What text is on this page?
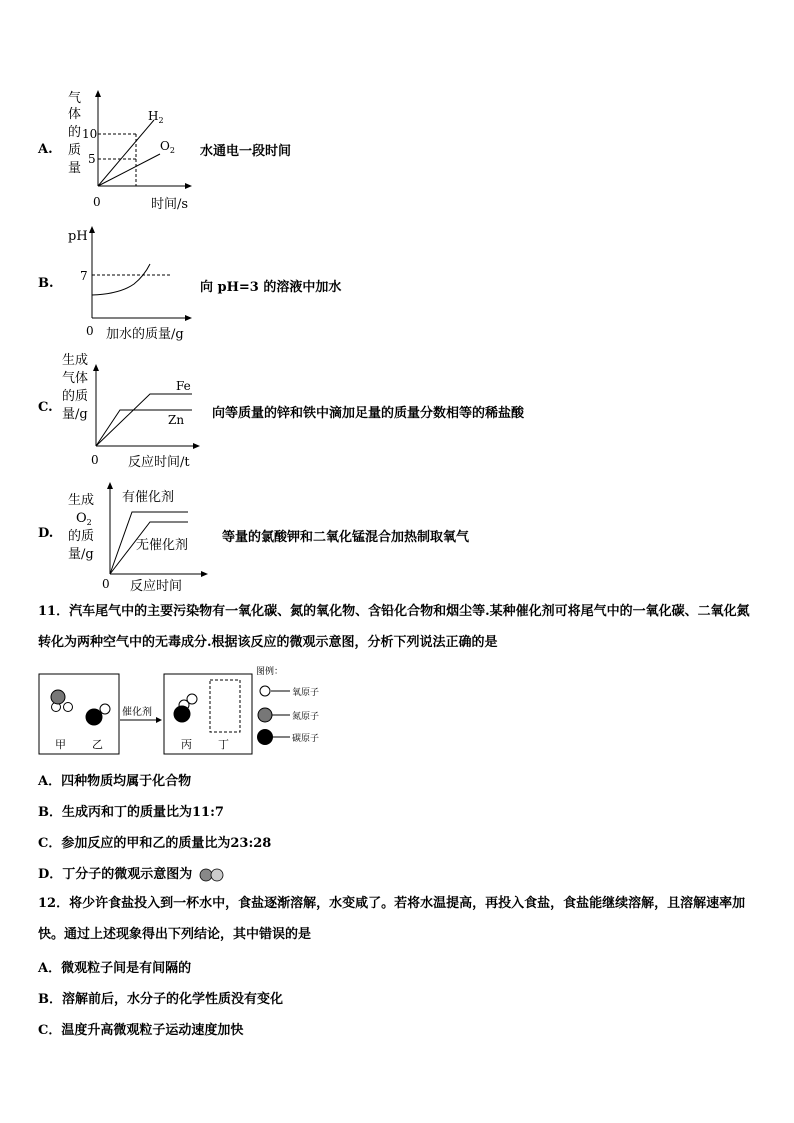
A.
气
体
的
质
量
10
5
$H_2$
$O_2$
0	时间/s
水通电一段时间
B.
pH
7
0 加水的质量/g
向 pH=3 的溶液中加水
C.
生成
气体
的质
量/g
Fe
Zn
0 反应时间/t
向等质量的锌和铁中滴加足量的质量分数相等的稀盐酸
D.
生成
$O_2$
的质
量/g
有催化剂
无催化剂
0 反应时间
等量的氯酸钾和二氧化锰混合加热制取氧气
11．汽车尾气中的主要污染物有一氧化碳、氮的氧化物、含铅化合物和烟尘等.某种催化剂可将尾气中的一氧化碳、二氧化氮转化为两种空气中的无毒成分.根据该反应的微观示意图，分析下列说法正确的是
甲 乙
催化剂
丙 丁
图例：
氧原子
氮原子
碳原子
A．四种物质均属于化合物
B．生成丙和丁的质量比为11:7
C．参加反应的甲和乙的质量比为23:28
D．丁分子的微观示意图为
12．将少许食盐投入到一杯水中，食盐逐渐溶解，水变咸了。若将水温提高，再投入食盐，食盐能继续溶解，且溶解速率加快。通过上述现象得出下列结论，其中错误的是
A．微观粒子间是有间隔的
B．溶解前后，水分子的化学性质没有变化
C．温度升高微观粒子运动速度加快
